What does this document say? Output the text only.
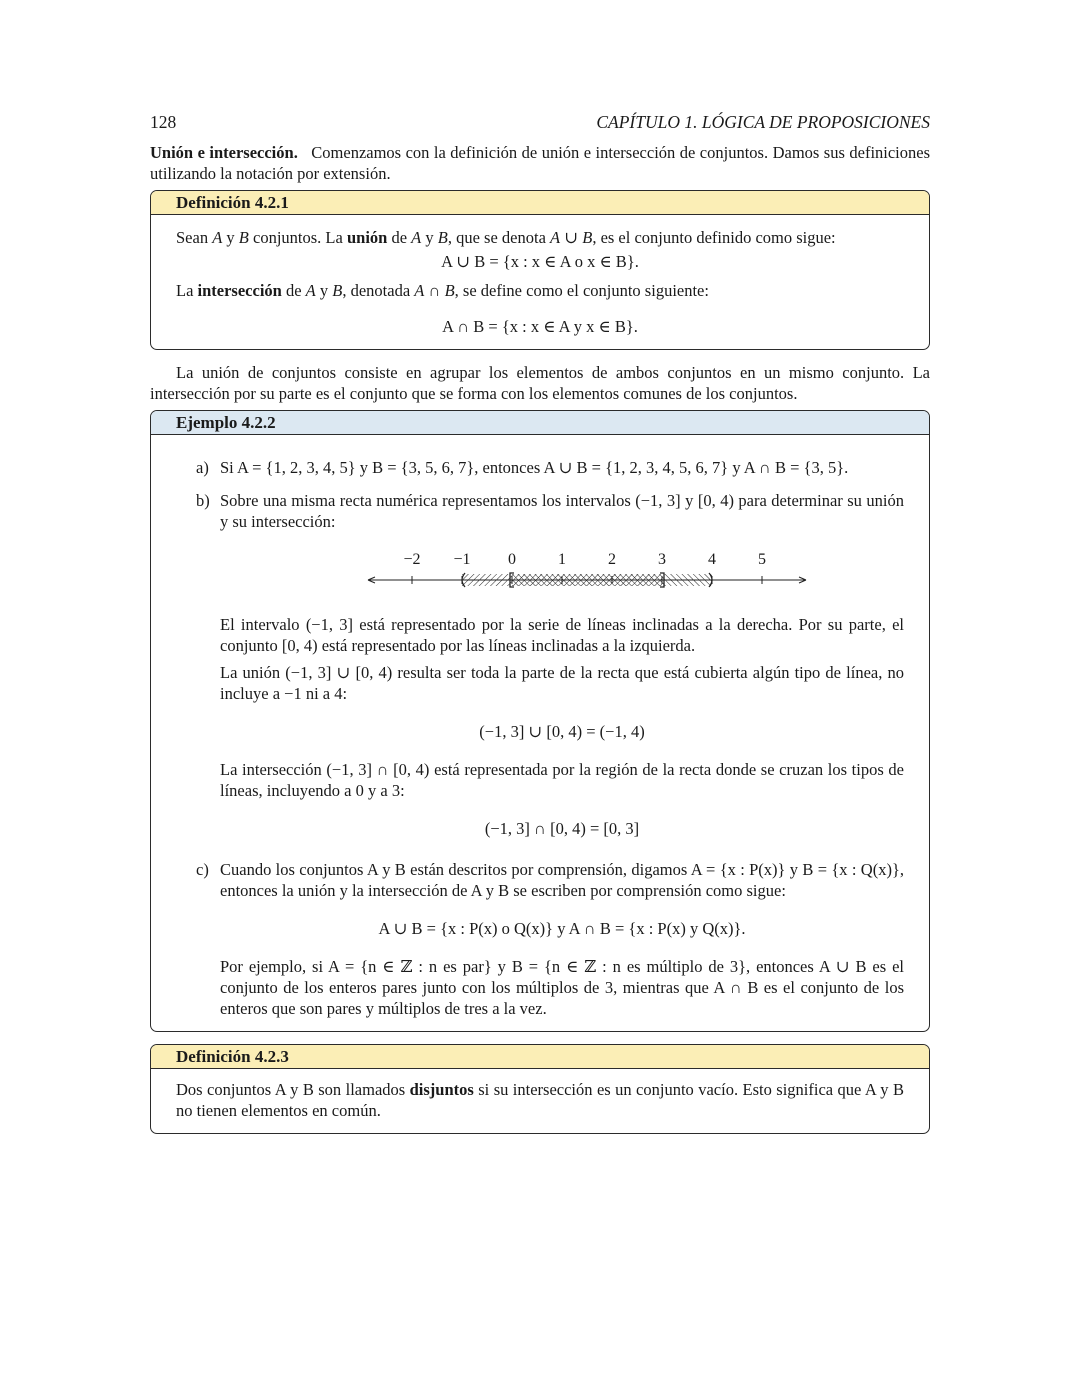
128	CAPÍTULO 1. LÓGICA DE PROPOSICIONES

Unión e intersección. Comenzamos con la definición de unión e intersección de conjuntos. Damos sus definiciones utilizando la notación por extensión.

Definición 4.2.1

Sean A y B conjuntos. La unión de A y B, que se denota A ∪ B, es el conjunto definido como sigue:

A ∪ B = {x : x ∈ A o x ∈ B}.

La intersección de A y B, denotada A ∩ B, se define como el conjunto siguiente:

A ∩ B = {x : x ∈ A y x ∈ B}.

La unión de conjuntos consiste en agrupar los elementos de ambos conjuntos en un mismo conjunto. La intersección por su parte es el conjunto que se forma con los elementos comunes de los conjuntos.

Ejemplo 4.2.2
a) Si A = {1, 2, 3, 4, 5} y B = {3, 5, 6, 7}, entonces A ∪ B = {1, 2, 3, 4, 5, 6, 7} y A ∩ B = {3, 5}.
b) Sobre una misma recta numérica representamos los intervalos (−1, 3] y [0, 4) para determinar su unión y su intersección:
−2 −1 0	1	2	3	4	5
El intervalo (−1, 3] está representado por la serie de líneas inclinadas a la derecha. Por su parte, el conjunto [0, 4) está representado por las líneas inclinadas a la izquierda.
La unión (−1, 3] ∪ [0, 4) resulta ser toda la parte de la recta que está cubierta algún tipo de línea, no incluye a −1 ni a 4:
(−1, 3] ∪ [0, 4) = (−1, 4)
La intersección (−1, 3] ∩ [0, 4) está representada por la región de la recta donde se cruzan los tipos de líneas, incluyendo a 0 y a 3:
(−1, 3] ∩ [0, 4) = [0, 3]
c) Cuando los conjuntos A y B están descritos por comprensión, digamos A = {x : P(x)} y B = {x : Q(x)}, entonces la unión y la intersección de A y B se escriben por comprensión como sigue:
A ∪ B = {x : P(x) o Q(x)} y A ∩ B = {x : P(x) y Q(x)}.
Por ejemplo, si A = {n ∈ ℤ : n es par} y B = {n ∈ ℤ : n es múltiplo de 3}, entonces A ∪ B es el conjunto de los enteros pares junto con los múltiplos de 3, mientras que A ∩ B es el conjunto de los enteros que son pares y múltiplos de tres a la vez.
Definición 4.2.3

Dos conjuntos A y B son llamados disjuntos si su intersección es un conjunto vacío. Esto significa que A y B no tienen elementos en común.
